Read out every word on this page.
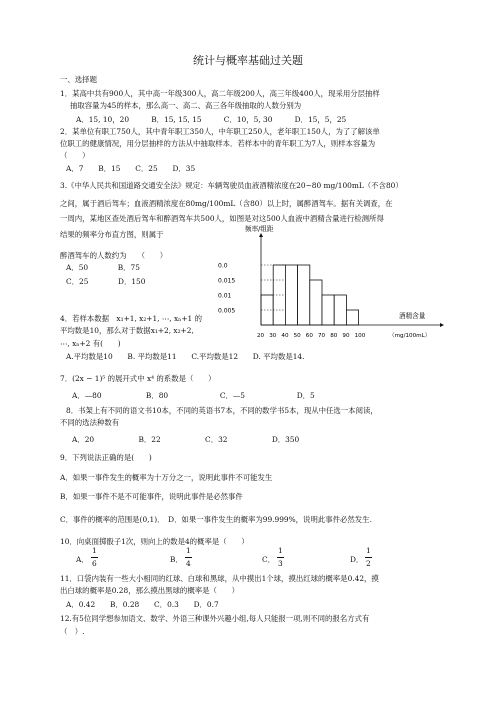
统计与概率基础过关题
一、选择题
1．某高中共有900人，其中高一年级300人，高二年级200人，高三年级400人，现采用分层抽样
抽取容量为45的样本，那么高一、高二、高三各年级抽取的人数分别为
A．15, 10，20　　　B．15, 15, 15　　　C．10，5, 30　　　D．15，5，25
2．某单位有职工750人，其中青年职工350人，中年职工250人，老年职工150人，为了了解该单
位职工的健康情况，用分层抽样的方法从中抽取样本．若样本中的青年职工为7人，则样本容量为
（　　）
A．7　　B．15　　C．25　　D．35
3.《中华人民共和国道路交通安全法》规定：车辆驾驶员血液酒精浓度在20~80 mg/100mL（不含80）
之间，属于酒后驾车；血液酒精浓度在80mg/100mL（含80）以上时，属醉酒驾车。据有关调查，在
一周内，某地区查处酒后驾车和醉酒驾车共500人，如图是对这500人血液中酒精含量进行检测所得
结果的频率分布直方图，则属于
醉酒驾车的人数约为　　（　　）
A．50　　　　B．75
C．25　　　　D．150
4．若样本数据　x₁+1, x₂+1, ⋯, xₙ+1 的
平均数是10，那么对于数据x₁+2, x₂+2,
⋯, xₙ+2 有(　　)
A.平均数是10　　B. 平均数是11　　C.平均数是12　　D. 平均数是14.
7．(2x − 1)⁵ 的展开式中 x⁴ 的系数是（　　）
A．—80　　　　　　B．80　　　　　　　C．—5　　　　　　　D．5
8．书架上有不同的语文书10本，不同的英语书7本，不同的数学书5本，现从中任选一本阅读，
不同的选法种数有
A．20　　　　　　B．22　　　　　　C．32　　　　　　D．350
9．下列说法正确的是(　　)
A．如果一事件发生的概率为十万分之一，说明此事件不可能发生
B．如果一事件不是不可能事件，说明此事件是必然事件
C．事件的概率的范围是(0,1)．　D．如果一事件发生的概率为99.999%，说明此事件必然发生.
10．向桌面掷骰子1次，则向上的数是4的概率是（　　）
A．
1
6	B．
1
4	C．
1
3	D．
1
2
11．口袋内装有一些大小相同的红球、白球和黑球，从中摸出1个球，摸出红球的概率是0.42，摸
出白球的概率是0.28，那么摸出黑球的概率是（　　）
A．0.42　　B．0.28　　C．0.3　　D．0.7
12.有5位同学想参加语文、数学、外语三种课外兴趣小组,每人只能报一项,则不同的报名方式有
（　）.
0.0
0.015
0.01
0.005
20 30 40 50 60 70 80 90 100
频率/组距
酒精含量
（mg/100mL）
